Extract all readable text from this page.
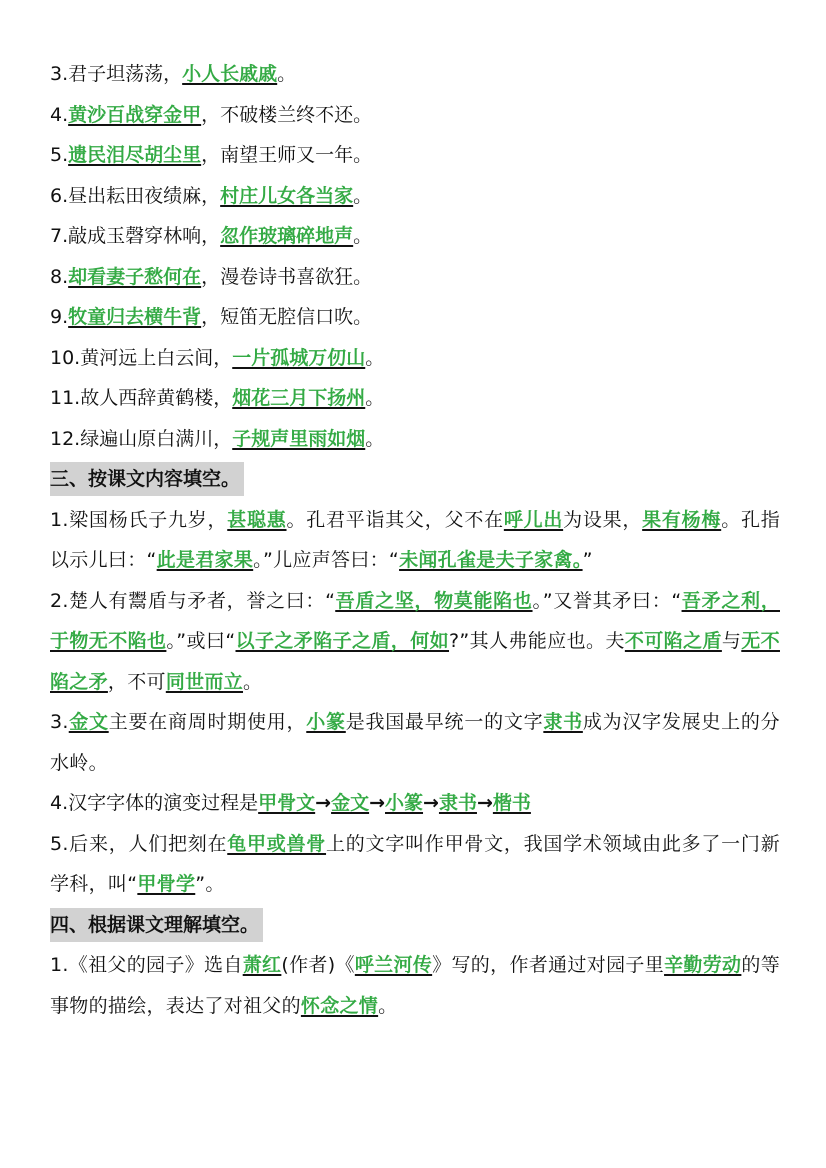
3.君子坦荡荡，小人长戚戚。
4.黄沙百战穿金甲，不破楼兰终不还。
5.遗民泪尽胡尘里，南望王师又一年。
6.昼出耘田夜绩麻，村庄儿女各当家。
7.敲成玉磬穿林响，忽作玻璃碎地声。
8.却看妻子愁何在，漫卷诗书喜欲狂。
9.牧童归去横牛背，短笛无腔信口吹。
10.黄河远上白云间，一片孤城万仞山。
11.故人西辞黄鹤楼，烟花三月下扬州。
12.绿遍山原白满川，子规声里雨如烟。
三、按课文内容填空。
1.梁国杨氏子九岁，甚聪惠。孔君平诣其父，父不在呼儿出为设果，果有杨梅。孔指以示儿曰：“此是君家果。”儿应声答曰：“未闻孔雀是夫子家禽。”
2.楚人有鬻盾与矛者，誉之曰：“吾盾之坚，物莫能陷也。”又誉其矛曰：“吾矛之利，于物无不陷也。”或曰“以子之矛陷子之盾，何如?”其人弗能应也。夫不可陷之盾与无不陷之矛，不可同世而立。
3.金文主要在商周时期使用，小篆是我国最早统一的文字隶书成为汉字发展史上的分水岭。
4.汉字字体的演变过程是甲骨文→金文→小篆→隶书→楷书
5.后来，人们把刻在龟甲或兽骨上的文字叫作甲骨文，我国学术领域由此多了一门新学科，叫“甲骨学”。
四、根据课文理解填空。
1.《祖父的园子》选自萧红(作者)《呼兰河传》写的，作者通过对园子里辛勤劳动的等事物的描绘，表达了对祖父的怀念之情。
